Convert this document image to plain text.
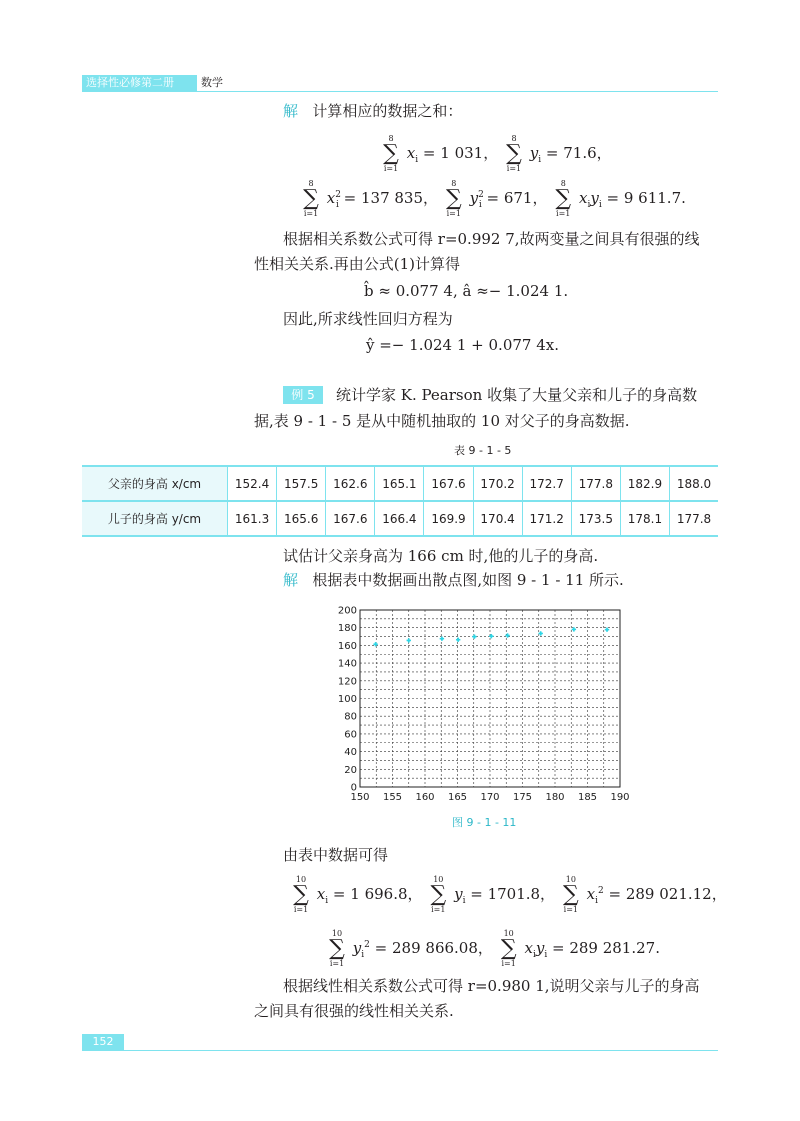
选择性必修第二册 数学
解 计算相应的数据之和：
8
∑
i=1
$x_i = 1$ 031，
8
∑
i=1
$y_i = 71.6$，
8
∑
i=1
$x^2_i = 137$ 835，
8
∑
i=1
$y^2_i = 671$，
8
∑
i=1
$x_iy_i = 9$ 611.7.
根据相关系数公式可得 r=0.992 7,故两变量之间具有很强的线
性相关关系.再由公式(1)计算得
b̂ ≈ 0.077 4, â ≈− 1.024 1.
因此,所求线性回归方程为
ŷ =− 1.024 1 + 0.077 4x.
例 5	统计学家 K. Pearson 收集了大量父亲和儿子的身高数
据,表 9 - 1 - 5 是从中随机抽取的 10 对父子的身高数据.
表 9 - 1 - 5
父亲的身高 x/cm	152.4	157.5	162.6	165.1	167.6	170.2	172.7	177.8	182.9	188.0
儿子的身高 y/cm	161.3	165.6	167.6	166.4	169.9	170.4	171.2	173.5	178.1	177.8
试估计父亲身高为 166 cm 时,他的儿子的身高.
解 根据表中数据画出散点图,如图 9 - 1 - 11 所示.
150 155 160 165 170 175 180 185 190
0
20
40
60
80
100
120
140
160
180
200
图 9 - 1 - 11
由表中数据可得
10
∑
i=1
$x_i = 1$ 696.8，
10
∑
i=1
$y_i = 1701.8$，
10
∑
i=1
$x_i^2 = 289$ 021.12，
10
∑
i=1
$y_i^2 = 289$ 866.08，
10
∑
i=1
$x_iy_i = 289$ 281.27.
根据线性相关系数公式可得 r=0.980 1,说明父亲与儿子的身高
之间具有很强的线性相关关系.
152
